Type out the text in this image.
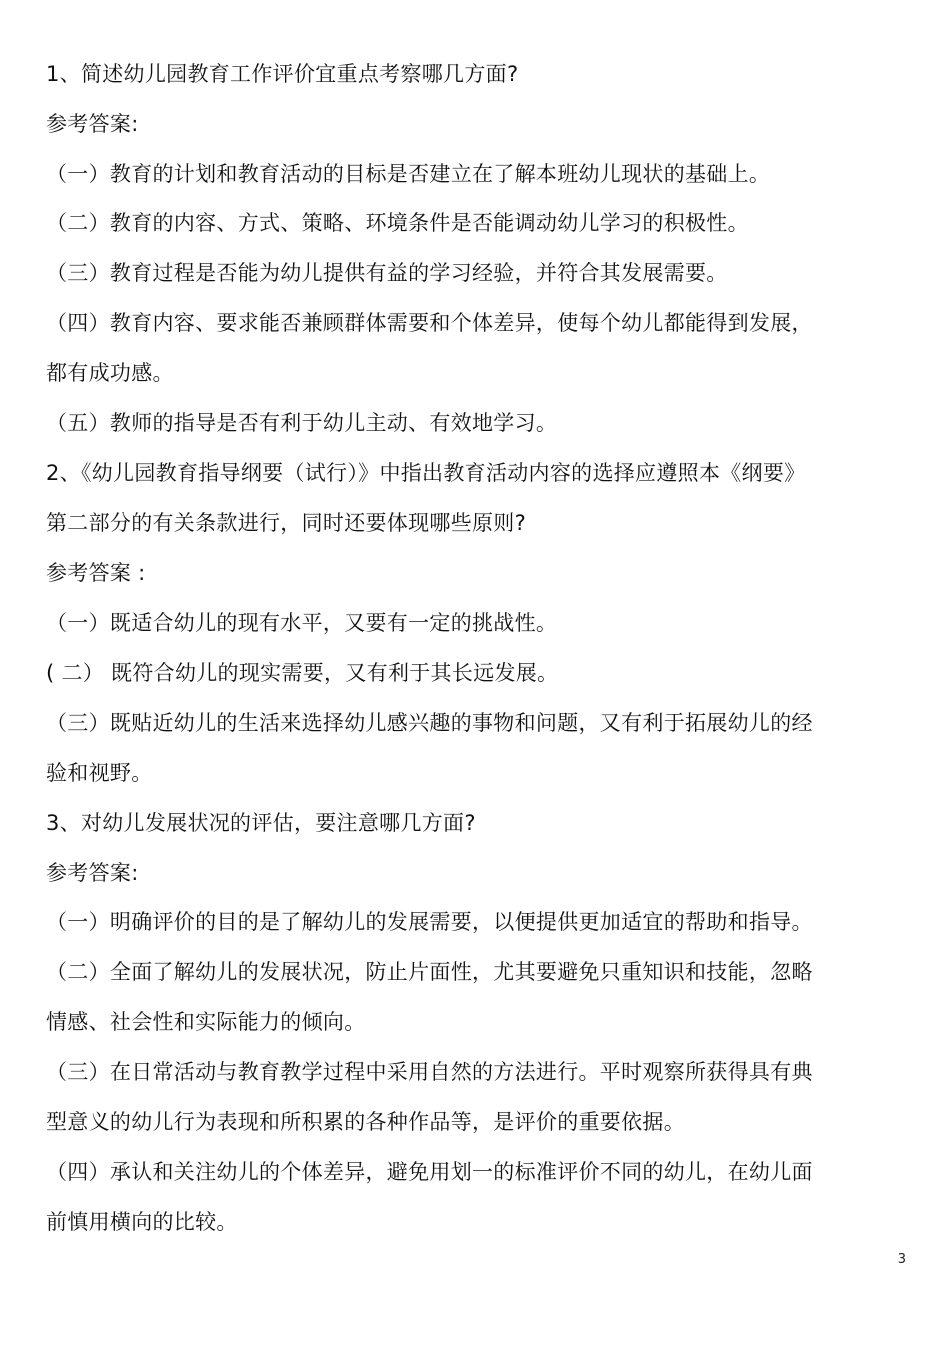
1、简述幼儿园教育工作评价宜重点考察哪几方面?
参考答案:
（一）教育的计划和教育活动的目标是否建立在了解本班幼儿现状的基础上。
（二）教育的内容、方式、策略、环境条件是否能调动幼儿学习的积极性。
（三）教育过程是否能为幼儿提供有益的学习经验，并符合其发展需要。
（四）教育内容、要求能否兼顾群体需要和个体差异，使每个幼儿都能得到发展，
都有成功感。
（五）教师的指导是否有利于幼儿主动、有效地学习。
2、《幼儿园教育指导纲要（试行）》中指出教育活动内容的选择应遵照本《纲要》
第二部分的有关条款进行，同时还要体现哪些原则?
参考答案 :
（一）既适合幼儿的现有水平，又要有一定的挑战性。
( 二） 既符合幼儿的现实需要，又有利于其长远发展。
（三）既贴近幼儿的生活来选择幼儿感兴趣的事物和问题，又有利于拓展幼儿的经
验和视野。
3、对幼儿发展状况的评估，要注意哪几方面?
参考答案:
（一）明确评价的目的是了解幼儿的发展需要，以便提供更加适宜的帮助和指导。
（二）全面了解幼儿的发展状况，防止片面性，尤其要避免只重知识和技能，忽略
情感、社会性和实际能力的倾向。
（三）在日常活动与教育教学过程中采用自然的方法进行。平时观察所获得具有典
型意义的幼儿行为表现和所积累的各种作品等，是评价的重要依据。
（四）承认和关注幼儿的个体差异，避免用划一的标准评价不同的幼儿，在幼儿面
前慎用横向的比较。
3
